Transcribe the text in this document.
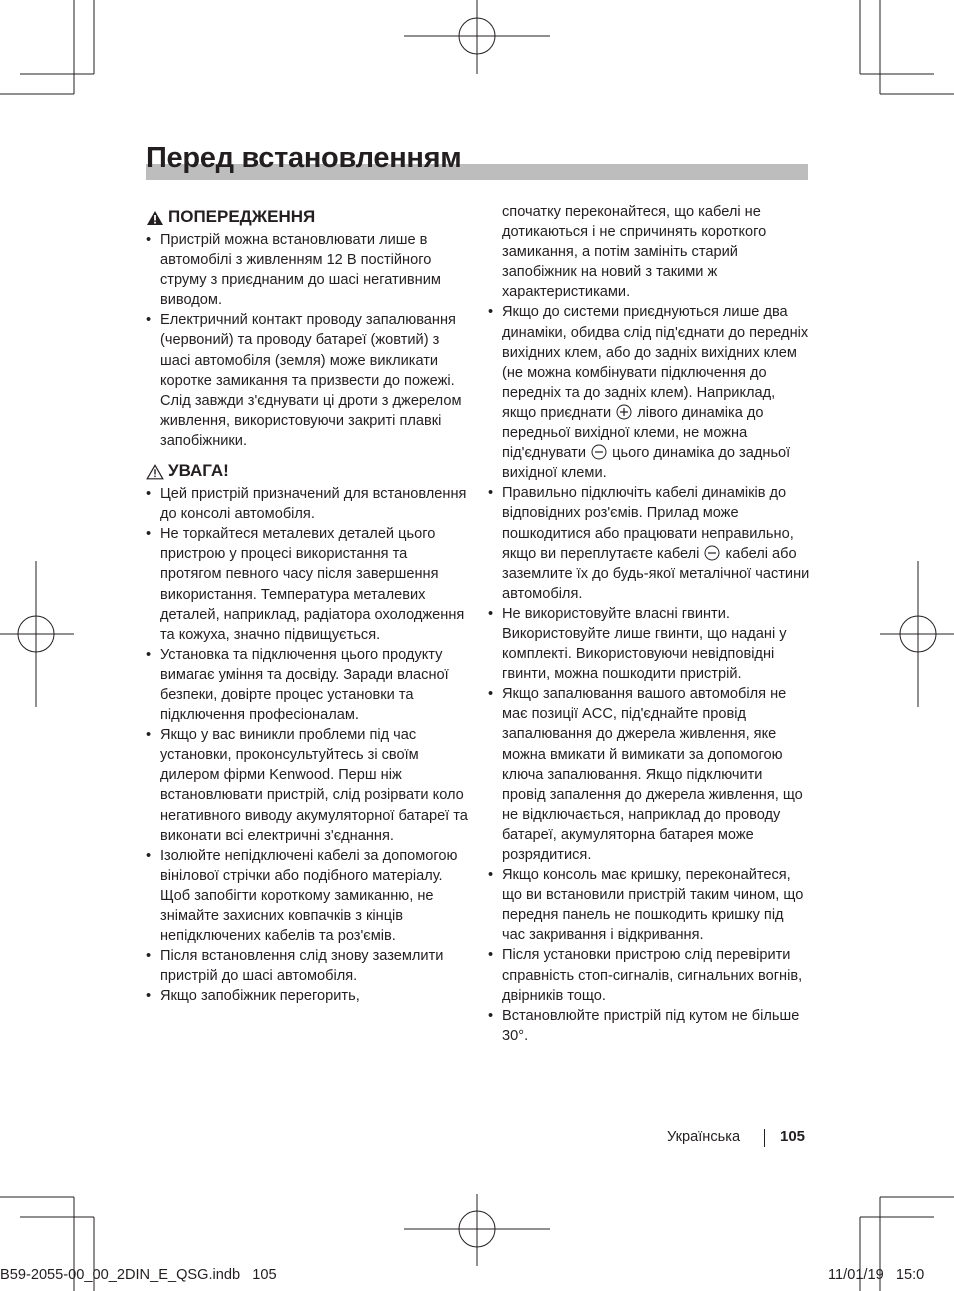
Перед встановленням
ПОПЕРЕДЖЕННЯ
• Пристрій можна встановлювати лише в автомобілі з живленням 12 В постійного струму з приєднаним до шасі негативним виводом.
• Електричний контакт проводу запалювання (червоний) та проводу батареї (жовтий) з шасі автомобіля (земля) може викликати коротке замикання та призвести до пожежі. Слід завжди з'єднувати ці дроти з джерелом живлення, використовуючи закриті плавкі запобіжники.
УВАГА!
• Цей пристрій призначений для встановлення до консолі автомобіля.
• Не торкайтеся металевих деталей цього пристрою у процесі використання та протягом певного часу після завершення використання. Температура металевих деталей, наприклад, радіатора охолодження та кожуха, значно підвищується.
• Установка та підключення цього продукту вимагає уміння та досвіду. Заради власної безпеки, довірте процес установки та підключення професіоналам.
• Якщо у вас виникли проблеми під час установки, проконсультуйтесь зі своїм дилером фірми Kenwood. Перш ніж встановлювати пристрій, слід розірвати коло негативного виводу акумуляторної батареї та виконати всі електричні з'єднання.
• Ізолюйте непідключені кабелі за допомогою вінілової стрічки або подібного матеріалу. Щоб запобігти короткому замиканню, не знімайте захисних ковпачків з кінців непідключених кабелів та роз'ємів.
• Після встановлення слід знову заземлити пристрій до шасі автомобіля.
• Якщо запобіжник перегорить,
спочатку переконайтеся, що кабелі не дотикаються і не спричинять короткого замикання, а потім замініть старий запобіжник на новий з такими ж характеристиками.
• Якщо до системи приєднуються лише два динаміки, обидва слід під'єднати до передніх вихідних клем, або до задніх вихідних клем (не можна комбінувати підключення до передніх та до задніх клем). Наприклад, якщо приєднати лівого динаміка до передньої вихідної клеми, не можна під'єднувати цього динаміка до задньої вихідної клеми.
• Правильно підключіть кабелі динаміків до відповідних роз'ємів. Прилад може пошкодитися або працювати неправильно, якщо ви переплутаєте кабелі кабелі або заземлите їх до будь-якої металічної частини автомобіля.
• Не використовуйте власні гвинти. Використовуйте лише гвинти, що надані у комплекті. Використовуючи невідповідні гвинти, можна пошкодити пристрій.
• Якщо запалювання вашого автомобіля не має позиції ACC, під'єднайте провід запалювання до джерела живлення, яке можна вмикати й вимикати за допомогою ключа запалювання. Якщо підключити провід запалення до джерела живлення, що не відключається, наприклад до проводу батареї, акумуляторна батарея може розрядитися.
• Якщо консоль має кришку, переконайтеся, що ви встановили пристрій таким чином, що передня панель не пошкодить кришку під час закривання і відкривання.
• Після установки пристрою слід перевірити справність стоп-сигналів, сигнальних вогнів, двірників тощо.
• Встановлюйте пристрій під кутом не більше 30°.
Українська	105
B59-2055-00_00_2DIN_E_QSG.indb   105	11/01/19   15:0
